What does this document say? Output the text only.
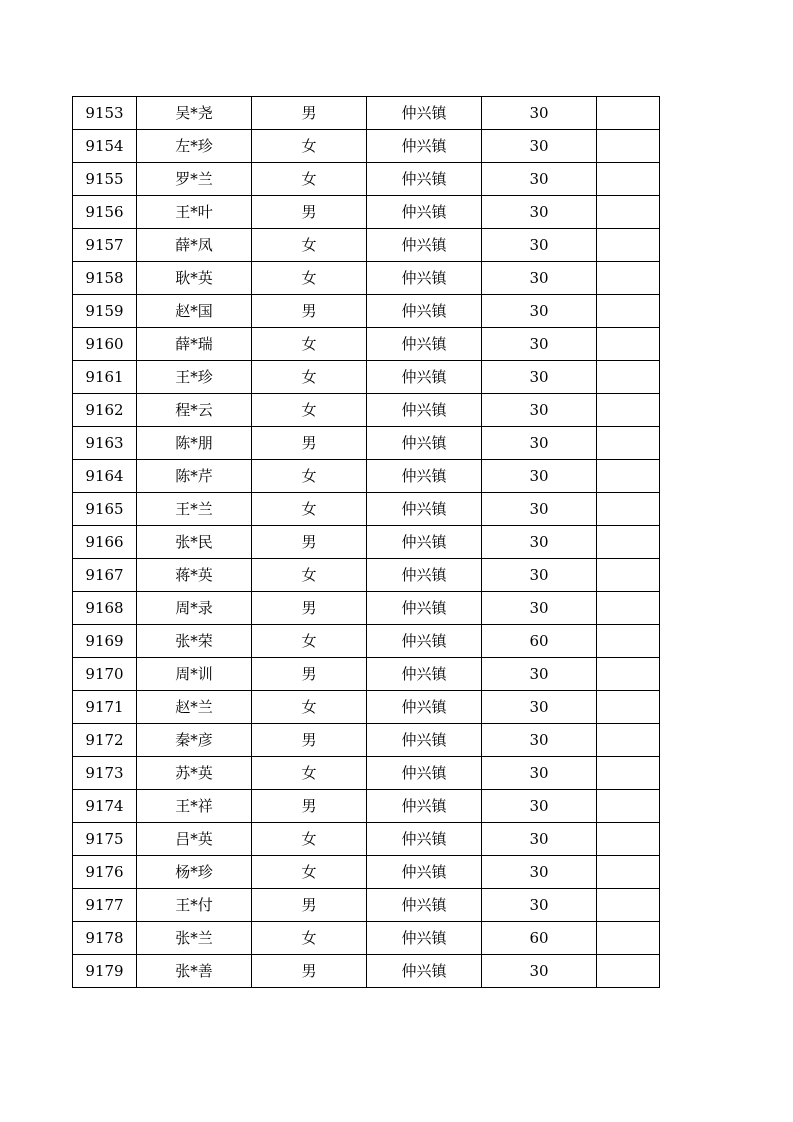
9153	吴*尧	男	仲兴镇	30	
9154	左*珍	女	仲兴镇	30	
9155	罗*兰	女	仲兴镇	30	
9156	王*叶	男	仲兴镇	30	
9157	薛*凤	女	仲兴镇	30	
9158	耿*英	女	仲兴镇	30	
9159	赵*国	男	仲兴镇	30	
9160	薛*瑞	女	仲兴镇	30	
9161	王*珍	女	仲兴镇	30	
9162	程*云	女	仲兴镇	30	
9163	陈*朋	男	仲兴镇	30	
9164	陈*芹	女	仲兴镇	30	
9165	王*兰	女	仲兴镇	30	
9166	张*民	男	仲兴镇	30	
9167	蒋*英	女	仲兴镇	30	
9168	周*录	男	仲兴镇	30	
9169	张*荣	女	仲兴镇	60	
9170	周*训	男	仲兴镇	30	
9171	赵*兰	女	仲兴镇	30	
9172	秦*彦	男	仲兴镇	30	
9173	苏*英	女	仲兴镇	30	
9174	王*祥	男	仲兴镇	30	
9175	吕*英	女	仲兴镇	30	
9176	杨*珍	女	仲兴镇	30	
9177	王*付	男	仲兴镇	30	
9178	张*兰	女	仲兴镇	60	
9179	张*善	男	仲兴镇	30	
